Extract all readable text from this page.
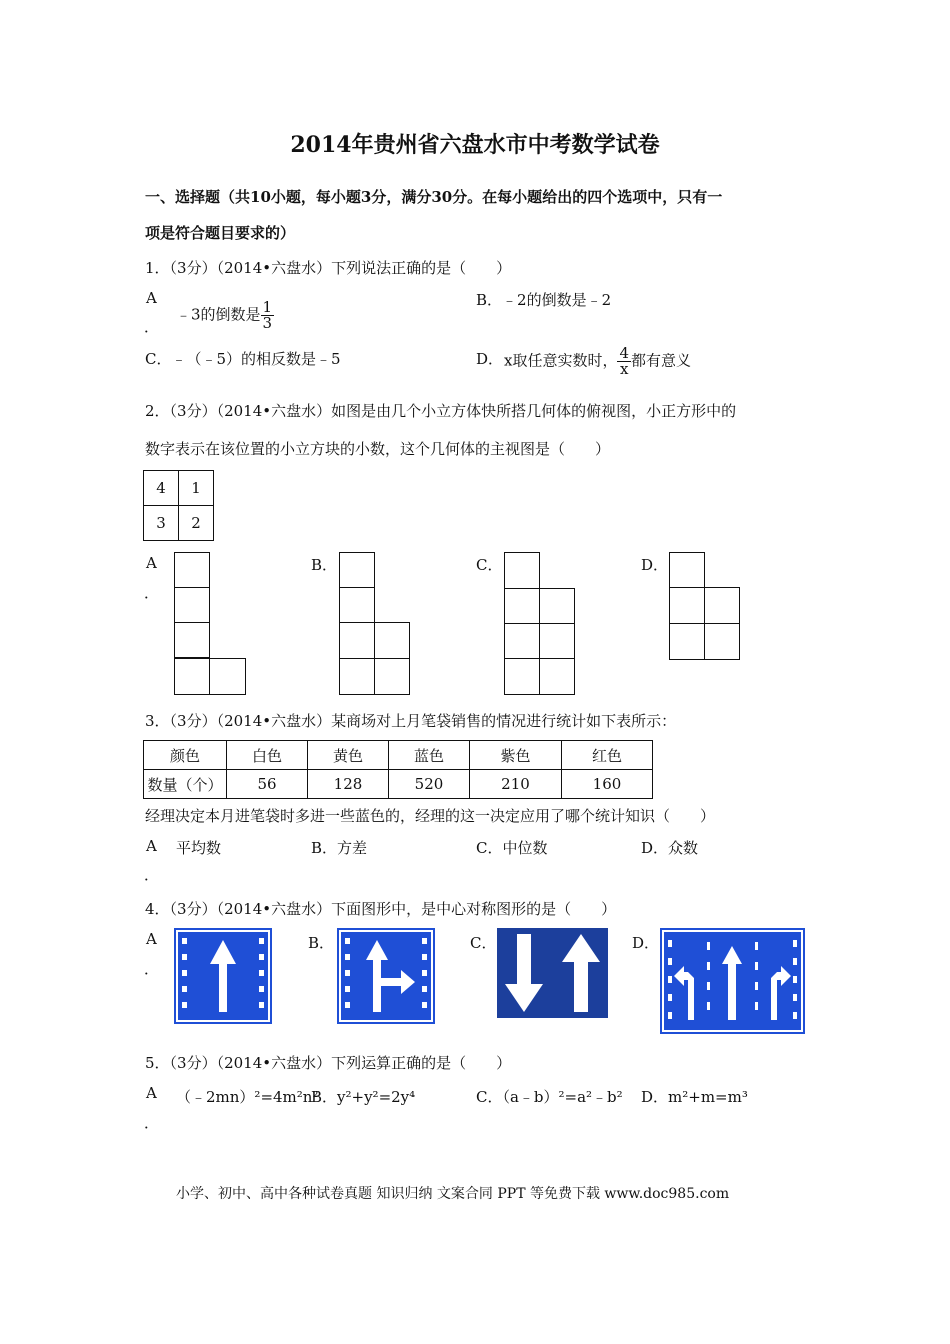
2014年贵州省六盘水市中考数学试卷
一、选择题（共10小题，每小题3分，满分30分。在每小题给出的四个选项中，只有一
项是符合题目要求的）
1．（3分）（2014•六盘水）下列说法正确的是（　　）
A
．
﹣3的倒数是 $\frac{1}{3}$	B．﹣2的倒数是﹣2
C．﹣（﹣5）的相反数是﹣5	D． x取任意实数时， $\frac{4}{x}$ 都有意义
2．（3分）（2014•六盘水）如图是由几个小立方体快所搭几何体的俯视图，小正方形中的
数字表示在该位置的小立方块的小数，这个几何体的主视图是（　　）
4	1
3	2
A
．
B．	C．	D．
3．（3分）（2014•六盘水）某商场对上月笔袋销售的情况进行统计如下表所示：
颜色	白色	黄色	蓝色	紫色	红色
数量（个）	56	128	520	210	160
经理决定本月进笔袋时多进一些蓝色的，经理的这一决定应用了哪个统计知识（　　）
A
．
平均数	B．方差	C．中位数	D．众数
4．（3分）（2014•六盘水）下面图形中，是中心对称图形的是（　　）
A
．
B．	C．	D．
5．（3分）（2014•六盘水）下列运算正确的是（　　）
A
．
（﹣2mn）²=4m²n²
B．y²+y²=2y⁴	C．（a﹣b）²=a²﹣b² D．m²+m=m³
小学、初中、高中各种试卷真题 知识归纳 文案合同 PPT 等免费下载 www.doc985.com
